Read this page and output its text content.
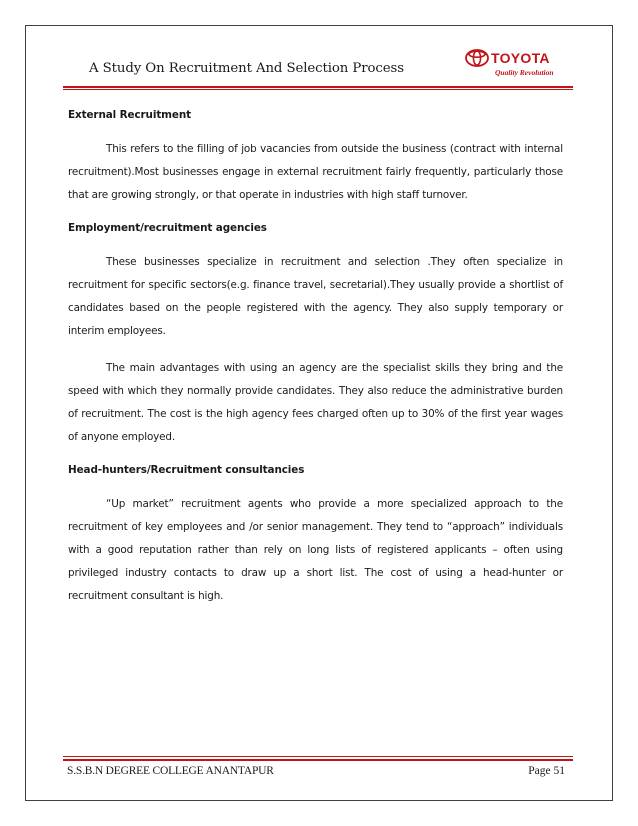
A Study On Recruitment And Selection Process
TOYOTA
Quality Revolution

External Recruitment

This refers to the filling of job vacancies from outside the business (contract with internal recruitment).Most businesses engage in external recruitment fairly frequently, particularly those that are growing strongly, or that operate in industries with high staff turnover.

Employment/recruitment agencies

These businesses specialize in recruitment and selection .They often specialize in recruitment for specific sectors(e.g. finance travel, secretarial).They usually provide a shortlist of candidates based on the people registered with the agency. They also supply temporary or interim employees.

The main advantages with using an agency are the specialist skills they bring and the speed with which they normally provide candidates. They also reduce the administrative burden of recruitment. The cost is the high agency fees charged often up to 30% of the first year wages of anyone employed.

Head-hunters/Recruitment consultancies

“Up market” recruitment agents who provide a more specialized approach to the recruitment of key employees and /or senior management. They tend to “approach” individuals with a good reputation rather than rely on long lists of registered applicants – often using privileged industry contacts to draw up a short list. The cost of using a head-hunter or recruitment consultant is high.

S.S.B.N DEGREE COLLEGE ANANTAPUR	Page 51
